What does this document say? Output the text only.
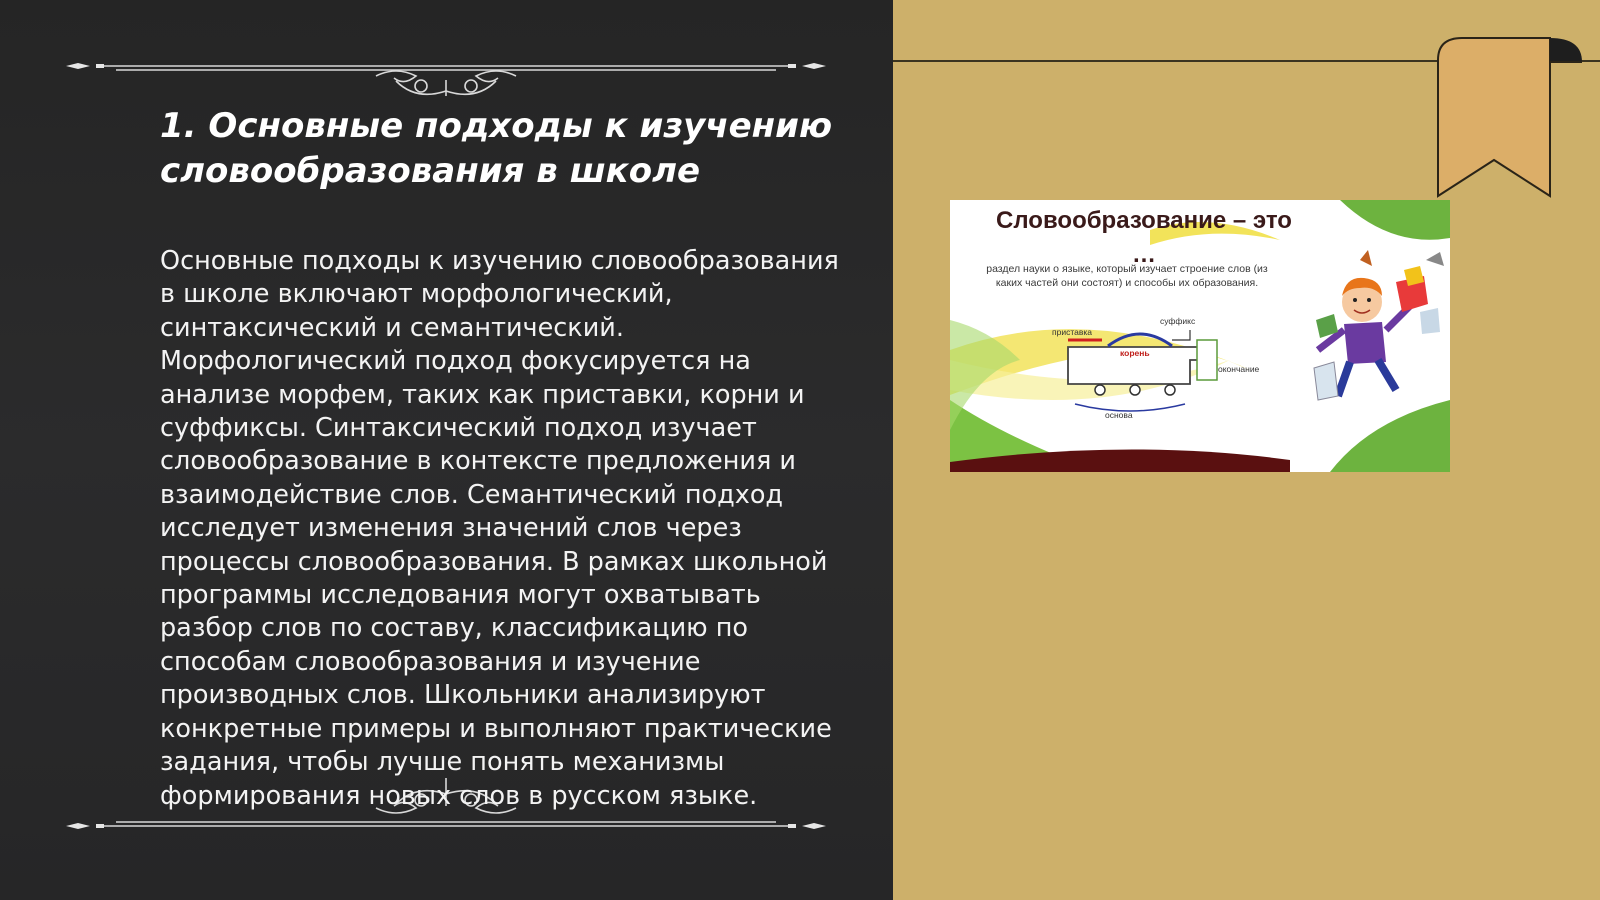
1. Основные подходы к изучению словообразования в школе

Основные подходы к изучению словообразования в школе включают морфологический, синтаксический и семантический. Морфологический подход фокусируется на анализе морфем, таких как приставки, корни и суффиксы. Синтаксический подход изучает словообразование в контексте предложения и взаимодействие слов. Семантический подход исследует изменения значений слов через процессы словообразования. В рамках школьной программы исследования могут охватывать разбор слов по составу, классификацию по способам словообразования и изучение производных слов. Школьники анализируют конкретные примеры и выполняют практические задания, чтобы лучше понять механизмы формирования новых слов в русском языке.

Словообразование – это …
раздел науки о языке, который изучает строение слов (из каких частей они состоят) и способы их образования.
приставка
суффикс
корень
окончание
основа
